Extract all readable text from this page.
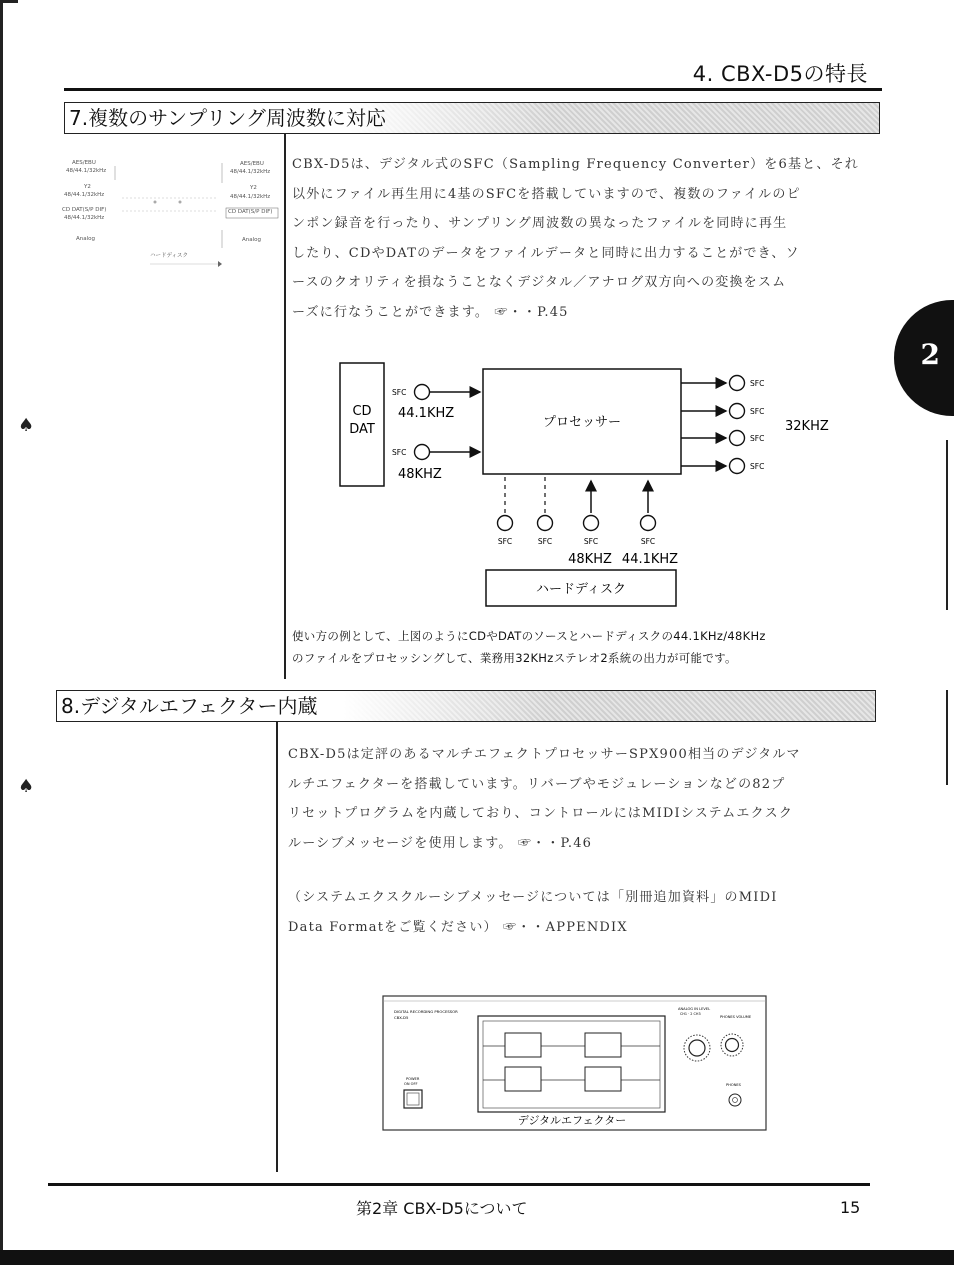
4. CBX-D5の特長
2
7.複数のサンプリング周波数に対応
AES/EBU
48/44.1/32kHz
Y2
48/44.1/32kHz
CD DAT(S/P DIF)
48/44.1/32kHz
Analog
AES/EBU
48/44.1/32kHz
Y2
48/44.1/32kHz
CD DAT(S/P DIF)
Analog
ハードディスク
♠
♠
CBX-D5は、デジタル式のSFC（Sampling Frequency Converter）を6基と、それ
以外にファイル再生用に4基のSFCを搭載していますので、複数のファイルのピ
ンポン録音を行ったり、サンプリング周波数の異なったファイルを同時に再生
したり、CDやDATのデータをファイルデータと同時に出力することができ、ソ
ースのクオリティを損なうことなくデジタル／アナログ双方向への変換をスム
ーズに行なうことができます。 ☞・・P.45
CD
DAT
SFC
44.1KHZ
SFC
48KHZ
プロセッサー
SFC
SFC
SFC
SFC
32KHZ
SFC	SFC	SFC	SFC
48KHZ 44.1KHZ
ハードディスク
使い方の例として、上図のようにCDやDATのソースとハードディスクの44.1KHz/48KHz
のファイルをプロセッシングして、業務用32KHzステレオ2系統の出力が可能です。
8.デジタルエフェクター内蔵
CBX-D5は定評のあるマルチエフェクトプロセッサーSPX900相当のデジタルマ
ルチエフェクターを搭載しています。リバーブやモジュレーションなどの82プ
リセットプログラムを内蔵しており、コントロールにはMIDIシステムエクスク
ルーシブメッセージを使用します。 ☞・・P.46
（システムエクスクルーシブメッセージについては「別冊追加資料」のMIDI
Data Formatをご覧ください） ☞・・APPENDIX
DIGITAL RECORDING PROCESSOR
CBX-D5
POWER
ON OFF
デジタルエフェクター
ANALOG IN LEVEL
CH1 · 2 CH3
PHONES VOLUME
PHONES
第2章 CBX-D5について	15
